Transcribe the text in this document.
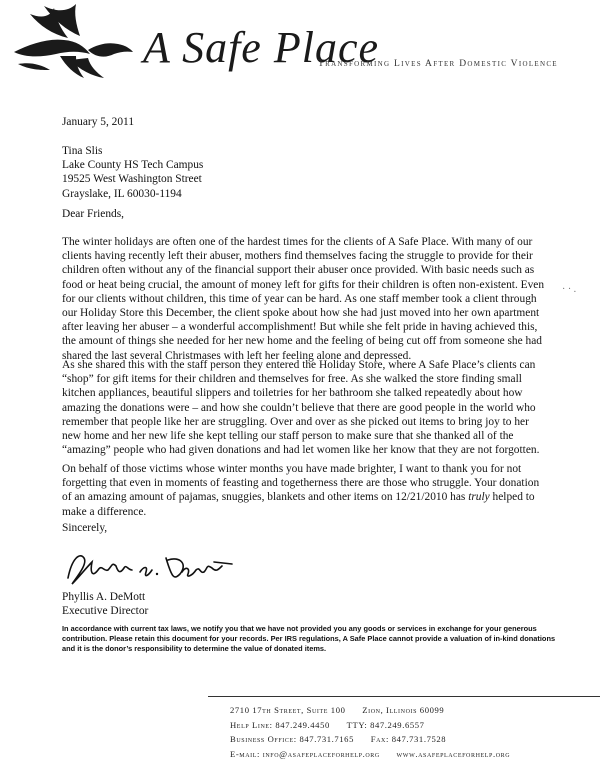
A Safe Place
Transforming Lives After Domestic Violence
January 5, 2011
Tina Slis
Lake County HS Tech Campus
19525 West Washington Street
Grayslake, IL 60030-1194
Dear Friends,

The winter holidays are often one of the hardest times for the clients of A Safe Place. With many of our clients having recently left their abuser, mothers find themselves facing the struggle to provide for their children often without any of the financial support their abuser once provided. With basic needs such as food or heat being crucial, the amount of money left for gifts for their children is often non-existent. Even for our clients without children, this time of year can be hard. As one staff member took a client through our Holiday Store this December, the client spoke about how she had just moved into her own apartment after leaving her abuser – a wonderful accomplishment! But while she felt pride in having achieved this, the amount of things she needed for her new home and the feeling of being cut off from someone she had shared the last several Christmases with left her feeling alone and depressed.

As she shared this with the staff person they entered the Holiday Store, where A Safe Place’s clients can “shop” for gift items for their children and themselves for free. As she walked the store finding small kitchen appliances, beautiful slippers and toiletries for her bathroom she talked repeatedly about how amazing the donations were – and how she couldn’t believe that there are good people in the world who remember that people like her are struggling. Over and over as she picked out items to bring joy to her new home and her new life she kept telling our staff person to make sure that she thanked all of the “amazing” people who had given donations and had let women like her know that they are not forgotten.

On behalf of those victims whose winter months you have made brighter, I want to thank you for not forgetting that even in moments of feasting and togetherness there are those who struggle. Your donation of an amazing amount of pajamas, snuggies, blankets and other items on 12/21/2010 has truly helped to make a difference.

Sincerely,
Phyllis A. DeMott
Executive Director
In accordance with current tax laws, we notify you that we have not provided you any goods or services in exchange for your generous contribution. Please retain this document for your records. Per IRS regulations, A Safe Place cannot provide a valuation of in-kind donations and it is the donor’s responsibility to determine the value of donated items.
· · .
2710 17th Street, Suite 100 Zion, Illinois 60099
Help Line: 847.249.4450 TTY: 847.249.6557
Business Office: 847.731.7165 Fax: 847.731.7528
E-mail: info@asafeplaceforhelp.org www.asafeplaceforhelp.org
